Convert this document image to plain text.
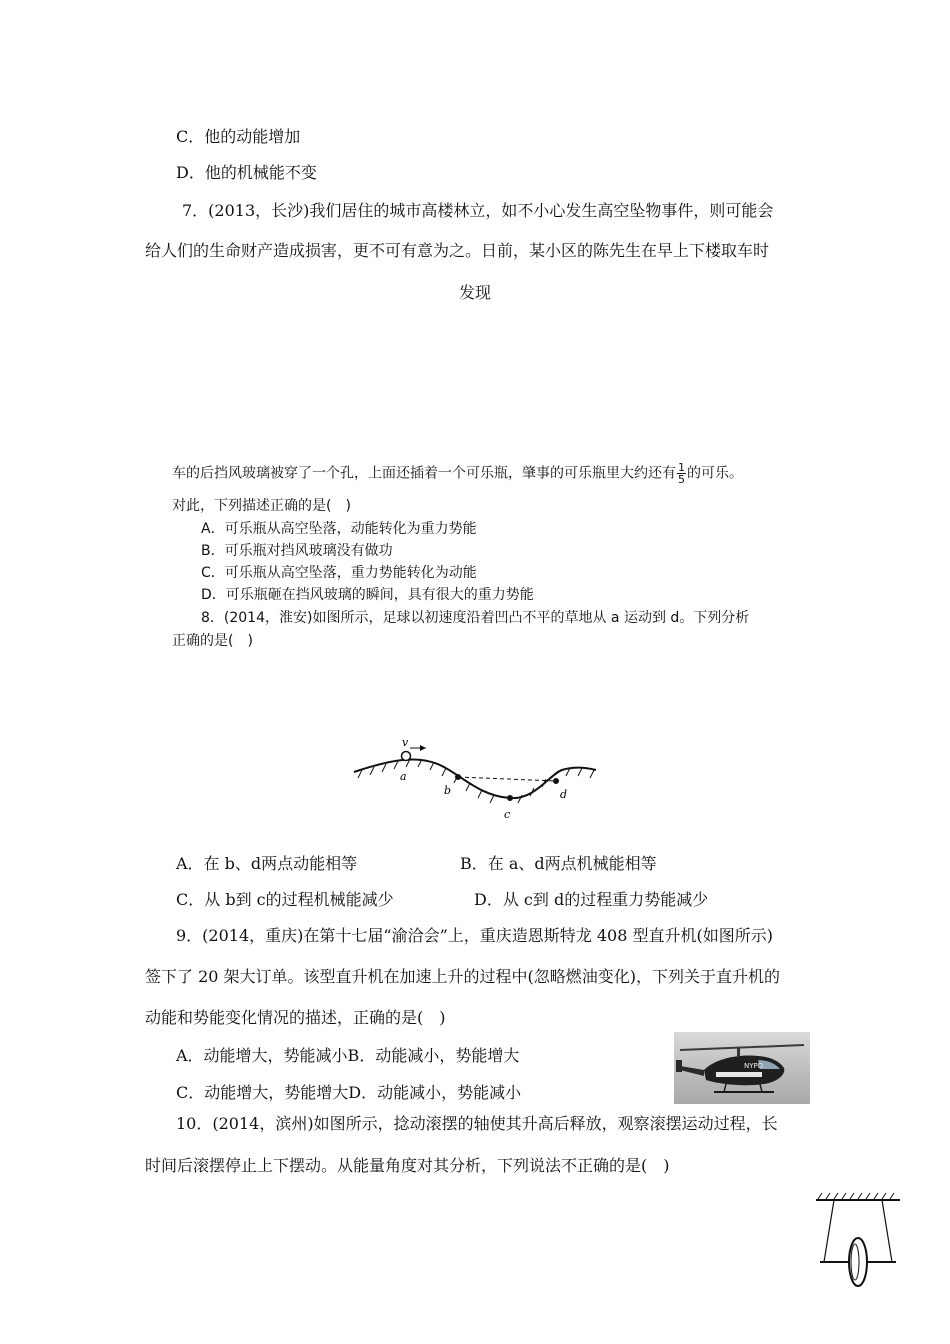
C．他的动能增加
D．他的机械能不变
7．(2013，长沙)我们居住的城市高楼林立，如不小心发生高空坠物事件，则可能会
给人们的生命财产造成损害，更不可有意为之。日前，某小区的陈先生在早上下楼取车时
发现
车的后挡风玻璃被穿了一个孔，上面还插着一个可乐瓶，肇事的可乐瓶里大约还有 $\frac{1}{5}$ 的可乐。
对此，下列描述正确的是(　)
A．可乐瓶从高空坠落，动能转化为重力势能
B．可乐瓶对挡风玻璃没有做功
C．可乐瓶从高空坠落，重力势能转化为动能
D．可乐瓶砸在挡风玻璃的瞬间，具有很大的重力势能
8．(2014，淮安)如图所示，足球以初速度沿着凹凸不平的草地从 a 运动到 d。下列分析
正确的是(　)
v
a
b
c
d
A．在 b、d两点动能相等	B．在 a、d两点机械能相等
C．从 b到 c的过程机械能减少	D．从 c到 d的过程重力势能减少
9．(2014，重庆)在第十七届“渝洽会”上，重庆造恩斯特龙 408 型直升机(如图所示)
签下了 20 架大订单。该型直升机在加速上升的过程中(忽略燃油变化)，下列关于直升机的
动能和势能变化情况的描述，正确的是(　)
A．动能增大，势能减小B．动能减小，势能增大
C．动能增大，势能增大D．动能减小，势能减小
NYPD
10．(2014，滨州)如图所示，捻动滚摆的轴使其升高后释放，观察滚摆运动过程，长
时间后滚摆停止上下摆动。从能量角度对其分析，下列说法不正确的是(　)
